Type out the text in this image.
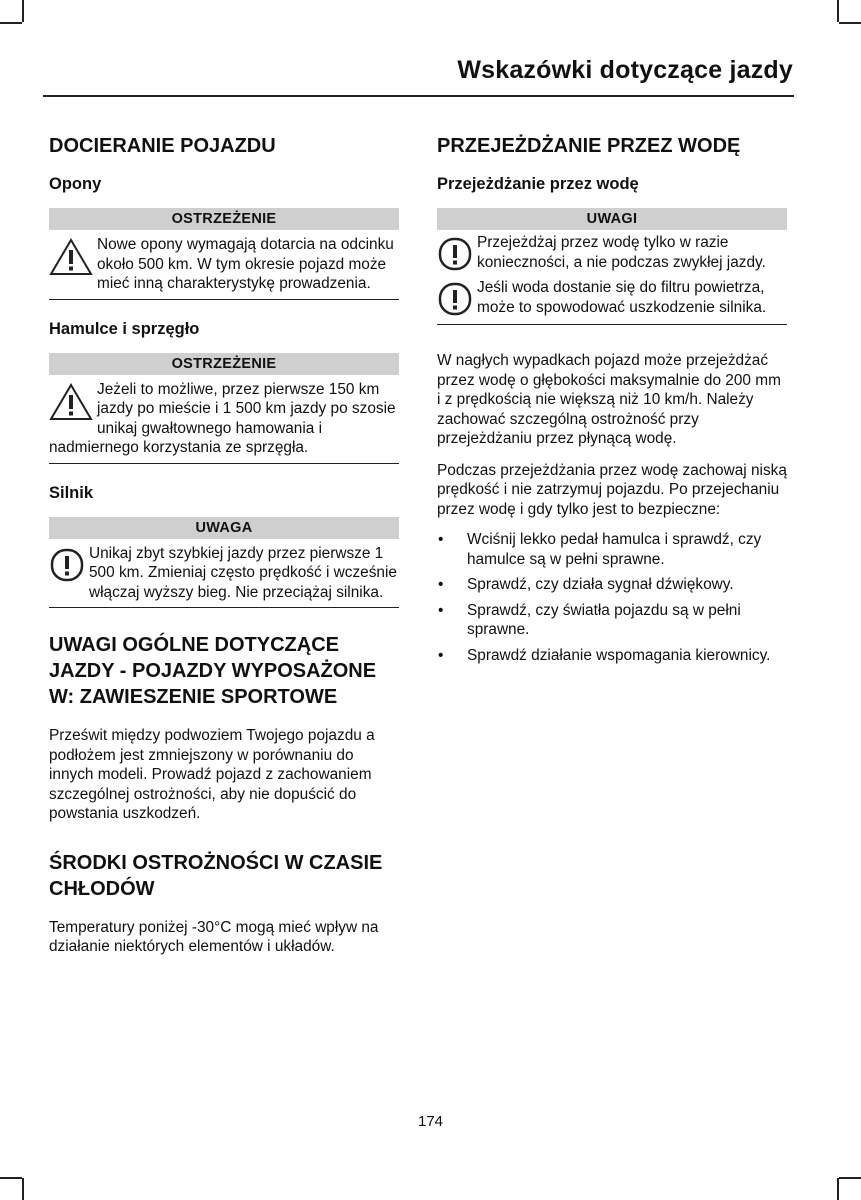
Wskazówki dotyczące jazdy
DOCIERANIE POJAZDU
Opony
OSTRZEŻENIE
Nowe opony wymagają dotarcia na odcinku około 500 km. W tym okresie pojazd może mieć inną charakterystykę prowadzenia.
Hamulce i sprzęgło
OSTRZEŻENIE
Jeżeli to możliwe, przez pierwsze 150 km jazdy po mieście i 1 500 km jazdy po szosie unikaj gwałtownego hamowania i nadmiernego korzystania ze sprzęgła.
Silnik
UWAGA
Unikaj zbyt szybkiej jazdy przez pierwsze 1 500 km. Zmieniaj często prędkość i wcześnie włączaj wyższy bieg. Nie przeciążaj silnika.
UWAGI OGÓLNE DOTYCZĄCE JAZDY - POJAZDY WYPOSAŻONE W: ZAWIESZENIE SPORTOWE

Prześwit między podwoziem Twojego pojazdu a podłożem jest zmniejszony w porównaniu do innych modeli. Prowadź pojazd z zachowaniem szczególnej ostrożności, aby nie dopuścić do powstania uszkodzeń.

ŚRODKI OSTROŻNOŚCI W CZASIE CHŁODÓW

Temperatury poniżej -30°C mogą mieć wpływ na działanie niektórych elementów i układów.

PRZEJEŻDŻANIE PRZEZ WODĘ
Przejeżdżanie przez wodę
UWAGI
Przejeżdżaj przez wodę tylko w razie konieczności, a nie podczas zwykłej jazdy.
Jeśli woda dostanie się do filtru powietrza, może to spowodować uszkodzenie silnika.

W nagłych wypadkach pojazd może przejeżdżać przez wodę o głębokości maksymalnie do 200 mm i z prędkością nie większą niż 10 km/h. Należy zachować szczególną ostrożność przy przejeżdżaniu przez płynącą wodę.

Podczas przejeżdżania przez wodę zachowaj niską prędkość i nie zatrzymuj pojazdu. Po przejechaniu przez wodę i gdy tylko jest to bezpieczne:

• Wciśnij lekko pedał hamulca i sprawdź, czy hamulce są w pełni sprawne.
• Sprawdź, czy działa sygnał dźwiękowy.
• Sprawdź, czy światła pojazdu są w pełni sprawne.
• Sprawdź działanie wspomagania kierownicy.
174
